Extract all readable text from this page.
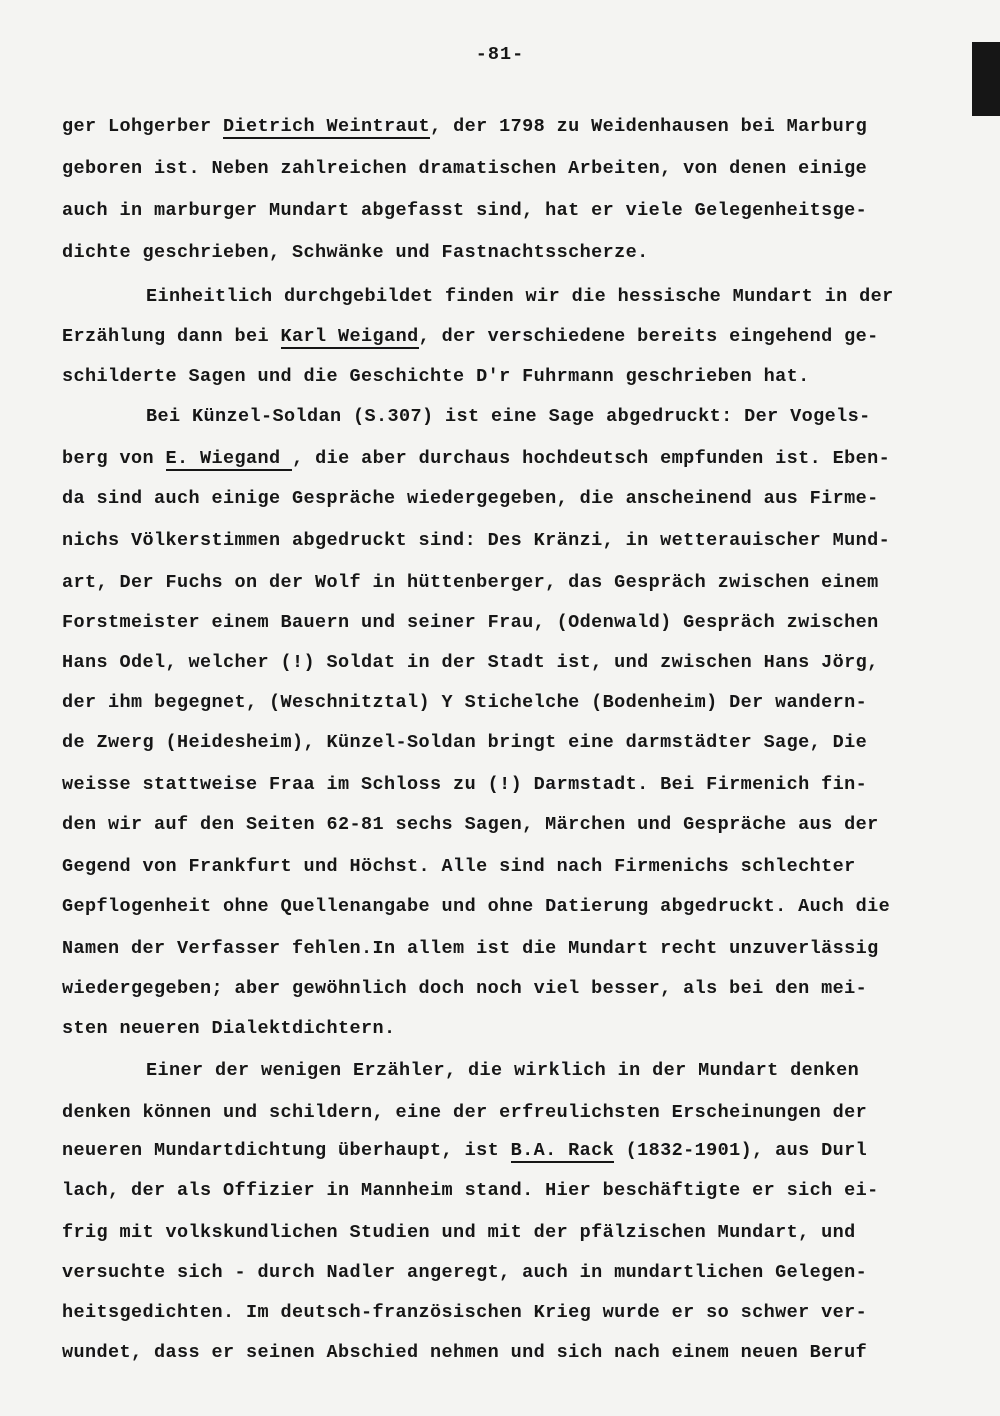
-81-
ger Lohgerber Dietrich Weintraut, der 1798 zu Weidenhausen bei Marburg
geboren ist. Neben zahlreichen dramatischen Arbeiten, von denen einige
auch in marburger Mundart abgefasst sind, hat er viele Gelegenheitsge-
dichte geschrieben, Schwänke und Fastnachtsscherze.
Einheitlich durchgebildet finden wir die hessische Mundart in der
Erzählung dann bei Karl Weigand, der verschiedene bereits eingehend ge-
schilderte Sagen und die Geschichte D'r Fuhrmann geschrieben hat.
Bei Künzel-Soldan (S.307) ist eine Sage abgedruckt: Der Vogels-
berg von E. Wiegand , die aber durchaus hochdeutsch empfunden ist. Eben-
da sind auch einige Gespräche wiedergegeben, die anscheinend aus Firme-
nichs Völkerstimmen abgedruckt sind: Des Kränzi, in wetterauischer Mund-
art, Der Fuchs on der Wolf in hüttenberger, das Gespräch zwischen einem
Forstmeister einem Bauern und seiner Frau, (Odenwald) Gespräch zwischen
Hans Odel, welcher (!) Soldat in der Stadt ist, und zwischen Hans Jörg,
der ihm begegnet, (Weschnitztal) Y Stichelche (Bodenheim) Der wandern-
de Zwerg (Heidesheim), Künzel-Soldan bringt eine darmstädter Sage, Die
weisse stattweise Fraa im Schloss zu (!) Darmstadt. Bei Firmenich fin-
den wir auf den Seiten 62-81 sechs Sagen, Märchen und Gespräche aus der
Gegend von Frankfurt und Höchst. Alle sind nach Firmenichs schlechter
Gepflogenheit ohne Quellenangabe und ohne Datierung abgedruckt. Auch die
Namen der Verfasser fehlen.In allem ist die Mundart recht unzuverlässig
wiedergegeben; aber gewöhnlich doch noch viel besser, als bei den mei-
sten neueren Dialektdichtern.
Einer der wenigen Erzähler, die wirklich in der Mundart denken
denken können und schildern, eine der erfreulichsten Erscheinungen der
neueren Mundartdichtung überhaupt, ist B.A. Rack (1832-1901), aus Durl
lach, der als Offizier in Mannheim stand. Hier beschäftigte er sich ei-
frig mit volkskundlichen Studien und mit der pfälzischen Mundart, und
versuchte sich - durch Nadler angeregt, auch in mundartlichen Gelegen-
heitsgedichten. Im deutsch-französischen Krieg wurde er so schwer ver-
wundet, dass er seinen Abschied nehmen und sich nach einem neuen Beruf
